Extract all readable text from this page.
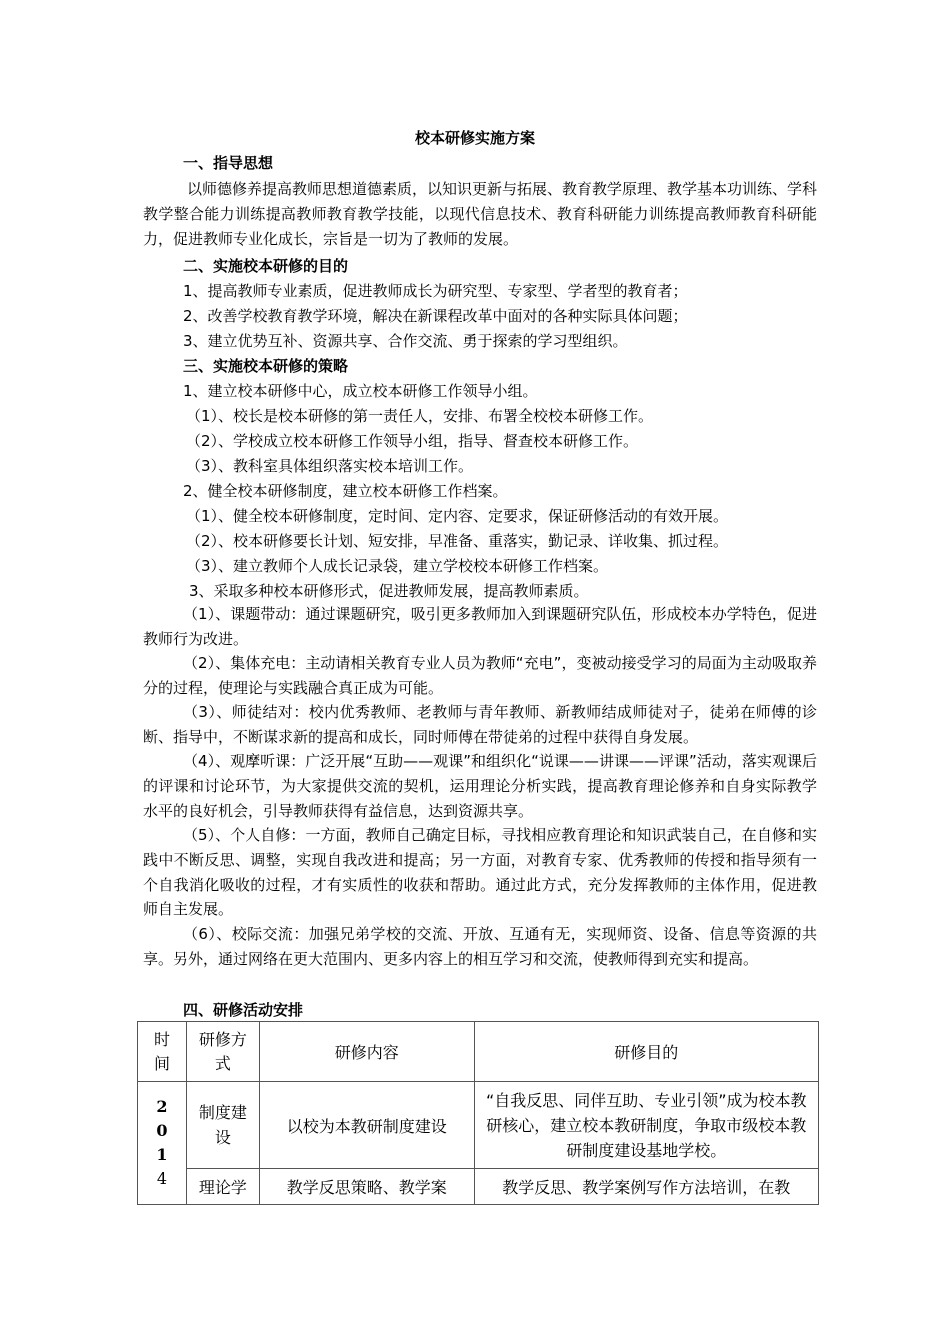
校本研修实施方案
一、指导思想
以师德修养提高教师思想道德素质，以知识更新与拓展、教育教学原理、教学基本功训练、学科教学整合能力训练提高教师教育教学技能，以现代信息技术、教育科研能力训练提高教师教育科研能力，促进教师专业化成长，宗旨是一切为了教师的发展。
二、实施校本研修的目的
1、提高教师专业素质，促进教师成长为研究型、专家型、学者型的教育者；
2、改善学校教育教学环境，解决在新课程改革中面对的各种实际具体问题；
3、建立优势互补、资源共享、合作交流、勇于探索的学习型组织。
三、实施校本研修的策略
1、建立校本研修中心，成立校本研修工作领导小组。
（1）、校长是校本研修的第一责任人，安排、布署全校校本研修工作。
（2）、学校成立校本研修工作领导小组，指导、督查校本研修工作。
（3）、教科室具体组织落实校本培训工作。
2、健全校本研修制度，建立校本研修工作档案。
（1）、健全校本研修制度，定时间、定内容、定要求，保证研修活动的有效开展。
（2）、校本研修要长计划、短安排，早准备、重落实，勤记录、详收集、抓过程。
（3）、建立教师个人成长记录袋，建立学校校本研修工作档案。
3、采取多种校本研修形式，促进教师发展，提高教师素质。
（1）、课题带动：通过课题研究，吸引更多教师加入到课题研究队伍，形成校本办学特色，促进教师行为改进。
（2）、集体充电：主动请相关教育专业人员为教师“充电”，变被动接受学习的局面为主动吸取养分的过程，使理论与实践融合真正成为可能。
（3）、师徒结对：校内优秀教师、老教师与青年教师、新教师结成师徒对子，徒弟在师傅的诊断、指导中，不断谋求新的提高和成长，同时师傅在带徒弟的过程中获得自身发展。
（4）、观摩听课：广泛开展“互助——观课”和组织化“说课——讲课——评课”活动，落实观课后的评课和讨论环节，为大家提供交流的契机，运用理论分析实践，提高教育理论修养和自身实际教学水平的良好机会，引导教师获得有益信息，达到资源共享。
（5）、个人自修：一方面，教师自己确定目标，寻找相应教育理论和知识武装自己，在自修和实践中不断反思、调整，实现自我改进和提高；另一方面，对教育专家、优秀教师的传授和指导须有一个自我消化吸收的过程，才有实质性的收获和帮助。通过此方式，充分发挥教师的主体作用，促进教师自主发展。
（6）、校际交流：加强兄弟学校的交流、开放、互通有无，实现师资、设备、信息等资源的共享。另外，通过网络在更大范围内、更多内容上的相互学习和交流，使教师得到充实和提高。
四、研修活动安排
时间	研修方式	研修内容	研修目的

2
0
1
4	制度建设	以校为本教研制度建设	“自我反思、同伴互助、专业引领”成为校本教研核心，建立校本教研制度，争取市级校本教研制度建设基地学校。
	理论学	教学反思策略、教学案	教学反思、教学案例写作方法培训，在教
